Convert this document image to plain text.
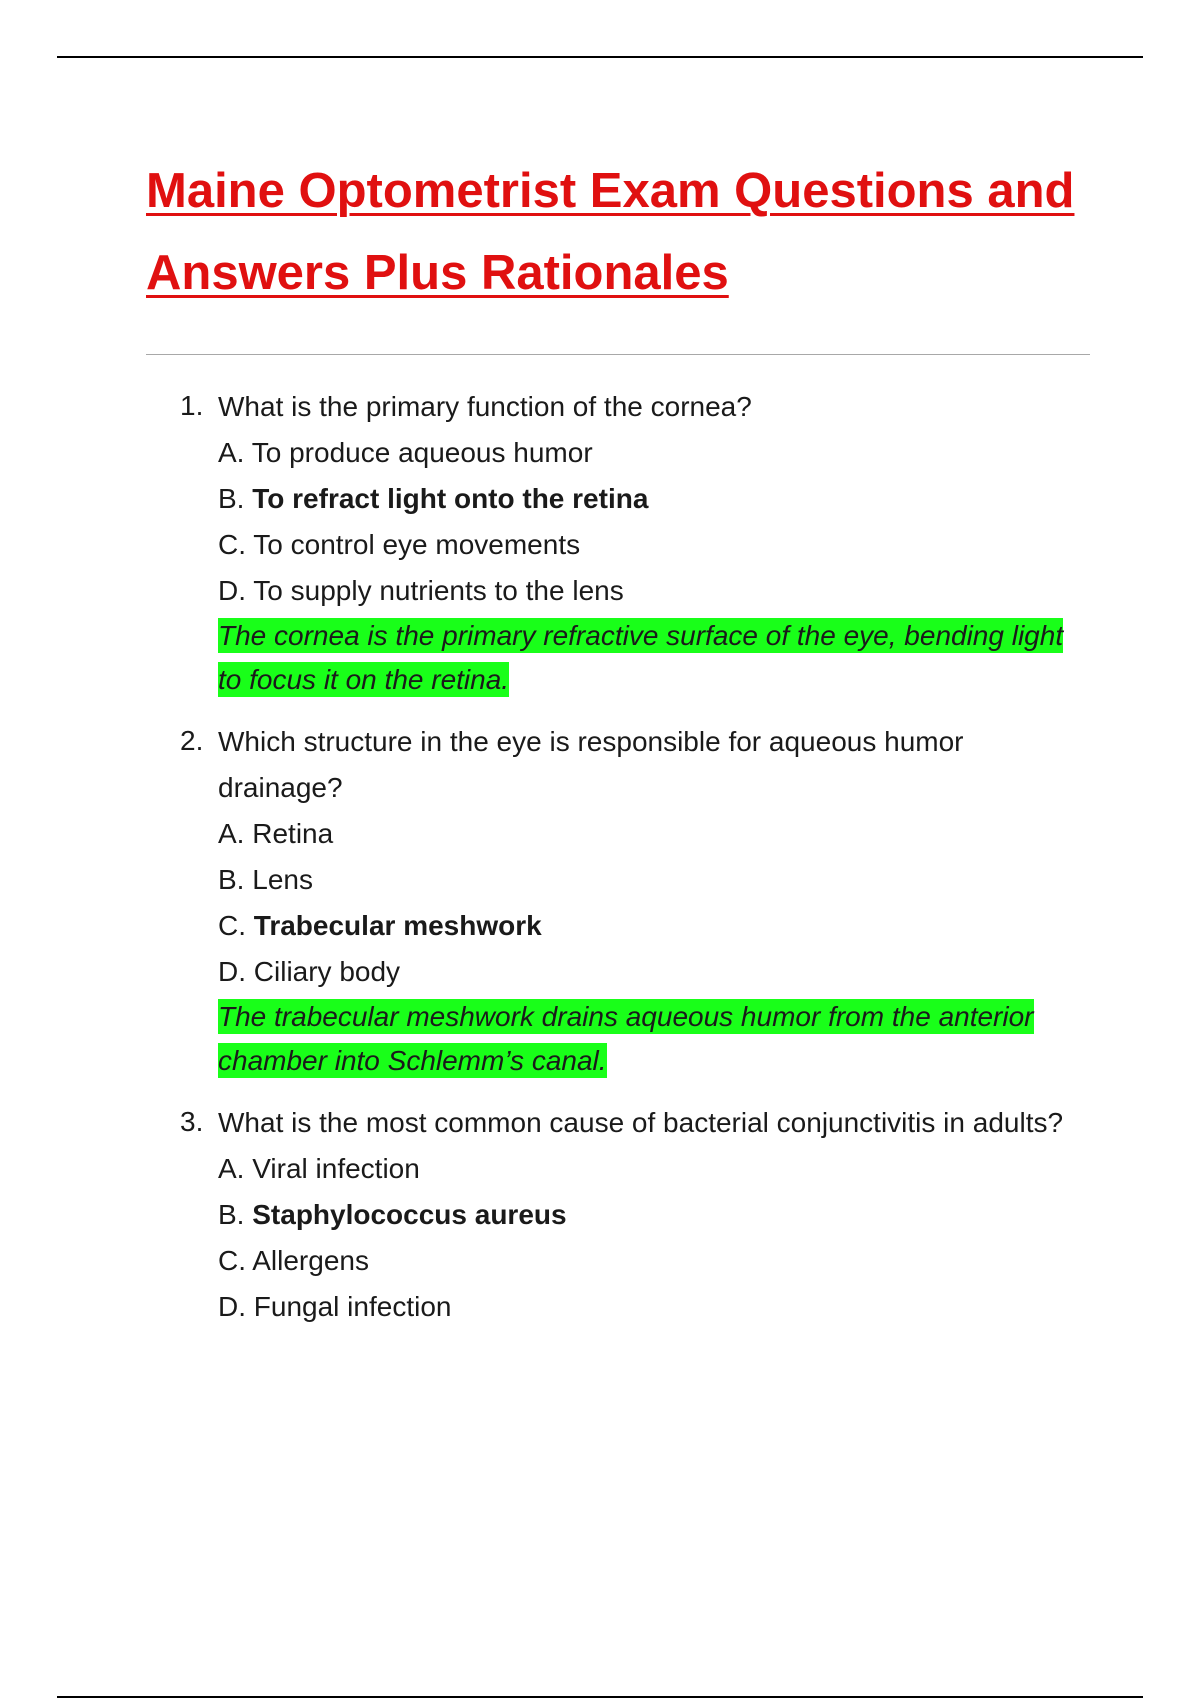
Maine Optometrist Exam Questions and
Answers Plus Rationales
1. What is the primary function of the cornea?
A. To produce aqueous humor
B. To refract light onto the retina
C. To control eye movements
D. To supply nutrients to the lens
The cornea is the primary refractive surface of the eye, bending light to focus it on the retina.
2. Which structure in the eye is responsible for aqueous humor drainage?
A. Retina
B. Lens
C. Trabecular meshwork
D. Ciliary body
The trabecular meshwork drains aqueous humor from the anterior chamber into Schlemm’s canal.
3. What is the most common cause of bacterial conjunctivitis in adults?
A. Viral infection
B. Staphylococcus aureus
C. Allergens
D. Fungal infection
